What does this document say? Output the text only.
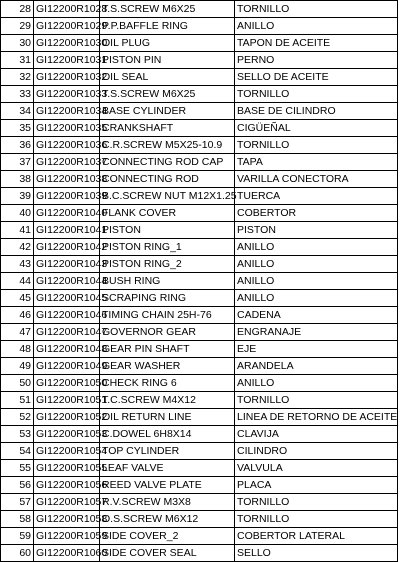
28	GI12200R1028	T.S.SCREW M6X25	TORNILLO
29	GI12200R1029	P.P.BAFFLE RING	ANILLO
30	GI12200R1030	OIL PLUG	TAPON DE ACEITE
31	GI12200R1031	PISTON PIN	PERNO
32	GI12200R1032	OIL SEAL	SELLO DE ACEITE
33	GI12200R1033	T.S.SCREW M6X25	TORNILLO
34	GI12200R1034	BASE CYLINDER	BASE DE CILINDRO
35	GI12200R1035	CRANKSHAFT	CIGÜEÑAL
36	GI12200R1036	C.R.SCREW M5X25-10.9	TORNILLO
37	GI12200R1037	CONNECTING ROD CAP	TAPA
38	GI12200R1038	CONNECTING ROD	VARILLA CONECTORA
39	GI12200R1039	B.C.SCREW NUT M12X1.25	TUERCA
40	GI12200R1040	FLANK COVER	COBERTOR
41	GI12200R1041	PISTON	PISTON
42	GI12200R1042	PISTON RING_1	ANILLO
43	GI12200R1043	PISTON RING_2	ANILLO
44	GI12200R1044	BUSH RING	ANILLO
45	GI12200R1045	SCRAPING RING	ANILLO
46	GI12200R1046	TIMING CHAIN 25H-76	CADENA
47	GI12200R1047	GOVERNOR GEAR	ENGRANAJE
48	GI12200R1048	GEAR PIN SHAFT	EJE
49	GI12200R1049	GEAR WASHER	ARANDELA
50	GI12200R1050	CHECK RING 6	ANILLO
51	GI12200R1051	T.C.SCREW M4X12	TORNILLO
52	GI12200R1052	OIL RETURN LINE	LINEA DE RETORNO DE ACEITE
53	GI12200R1053	C.DOWEL 6H8X14	CLAVIJA
54	GI12200R1054	TOP CYLINDER	CILINDRO
55	GI12200R1055	LEAF VALVE	VALVULA
56	GI12200R1056	REED VALVE PLATE	PLACA
57	GI12200R1057	R.V.SCREW M3X8	TORNILLO
58	GI12200R1058	O.S.SCREW M6X12	TORNILLO
59	GI12200R1059	SIDE COVER_2	COBERTOR LATERAL
60	GI12200R1060	SIDE COVER SEAL	SELLO
